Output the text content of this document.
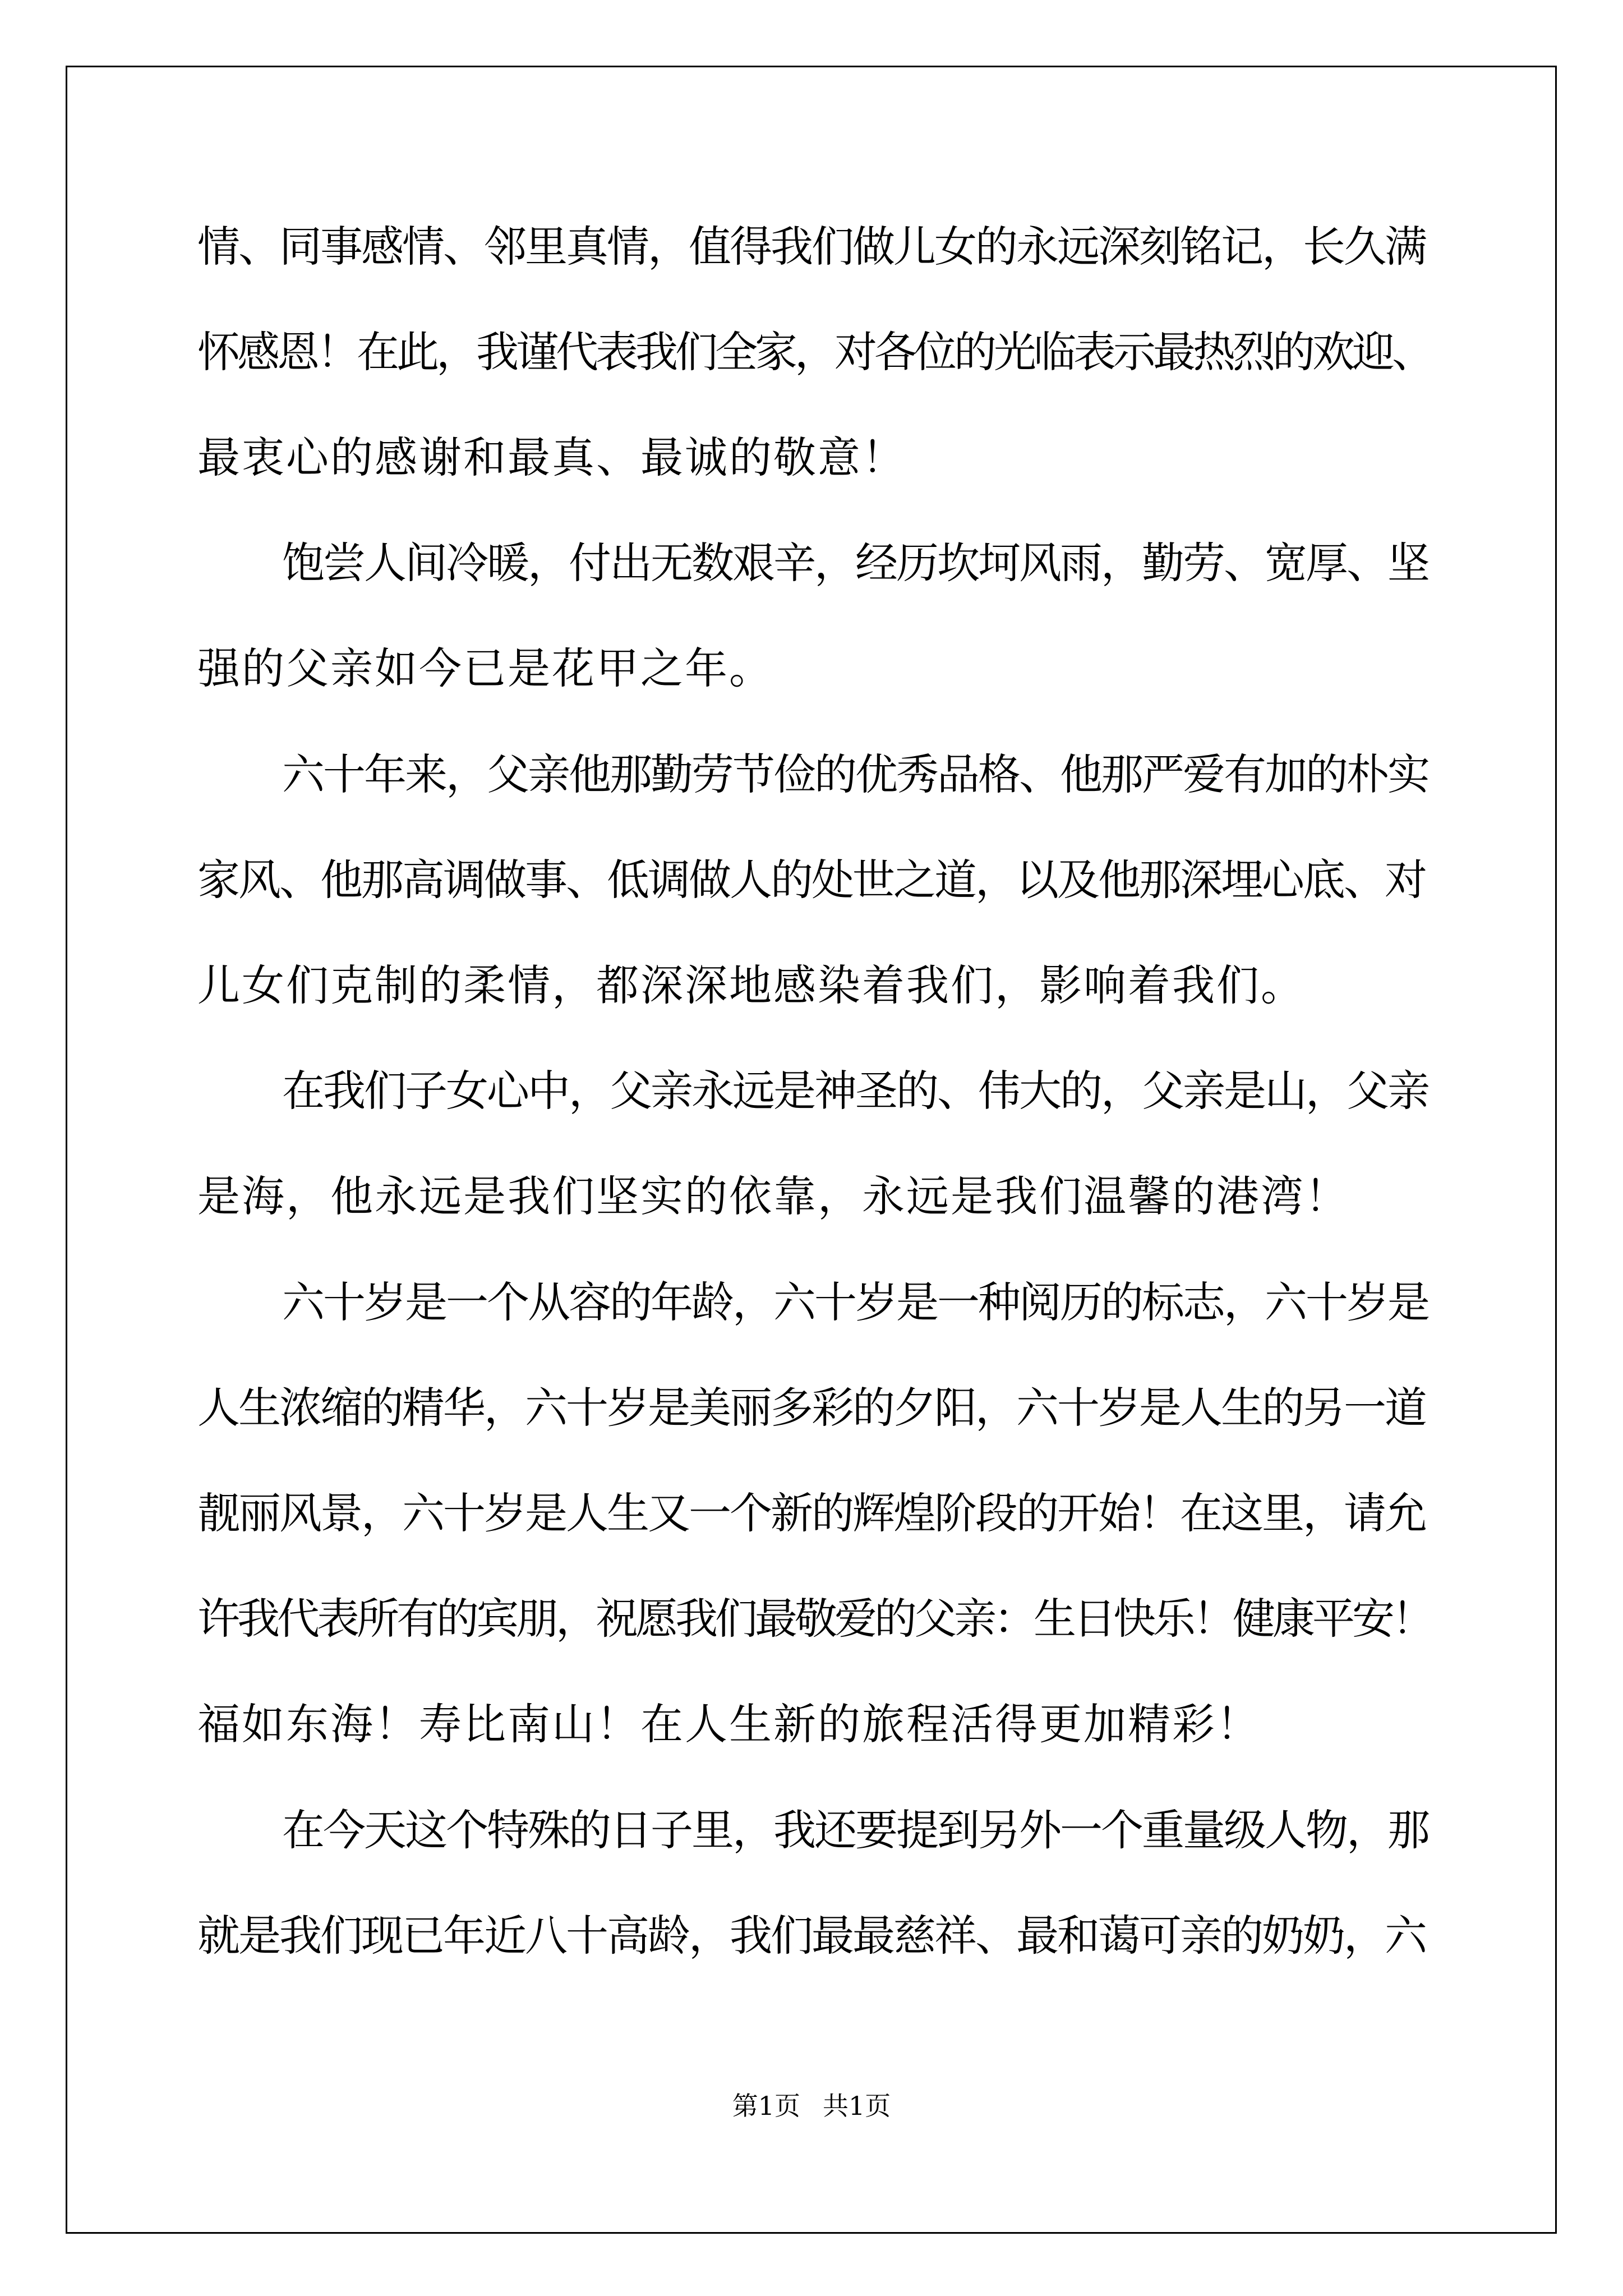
情、同事感情、邻里真情，值得我们做儿女的永远深刻铭记，长久满
怀感恩！在此，我谨代表我们全家，对各位的光临表示最热烈的欢迎、
最衷心的感谢和最真、最诚的敬意！
饱尝人间冷暖，付出无数艰辛，经历坎坷风雨，勤劳、宽厚、坚
强的父亲如今已是花甲之年。
六十年来，父亲他那勤劳节俭的优秀品格、他那严爱有加的朴实
家风、他那高调做事、低调做人的处世之道，以及他那深埋心底、对
儿女们克制的柔情，都深深地感染着我们，影响着我们。
在我们子女心中，父亲永远是神圣的、伟大的，父亲是山，父亲
是海，他永远是我们坚实的依靠，永远是我们温馨的港湾！
六十岁是一个从容的年龄，六十岁是一种阅历的标志，六十岁是
人生浓缩的精华，六十岁是美丽多彩的夕阳，六十岁是人生的另一道
靓丽风景，六十岁是人生又一个新的辉煌阶段的开始！在这里，请允
许我代表所有的宾朋，祝愿我们最敬爱的父亲：生日快乐！健康平安！
福如东海！寿比南山！在人生新的旅程活得更加精彩！
在今天这个特殊的日子里，我还要提到另外一个重量级人物，那
就是我们现已年近八十高龄，我们最最慈祥、最和蔼可亲的奶奶，六
第1页 共1页
